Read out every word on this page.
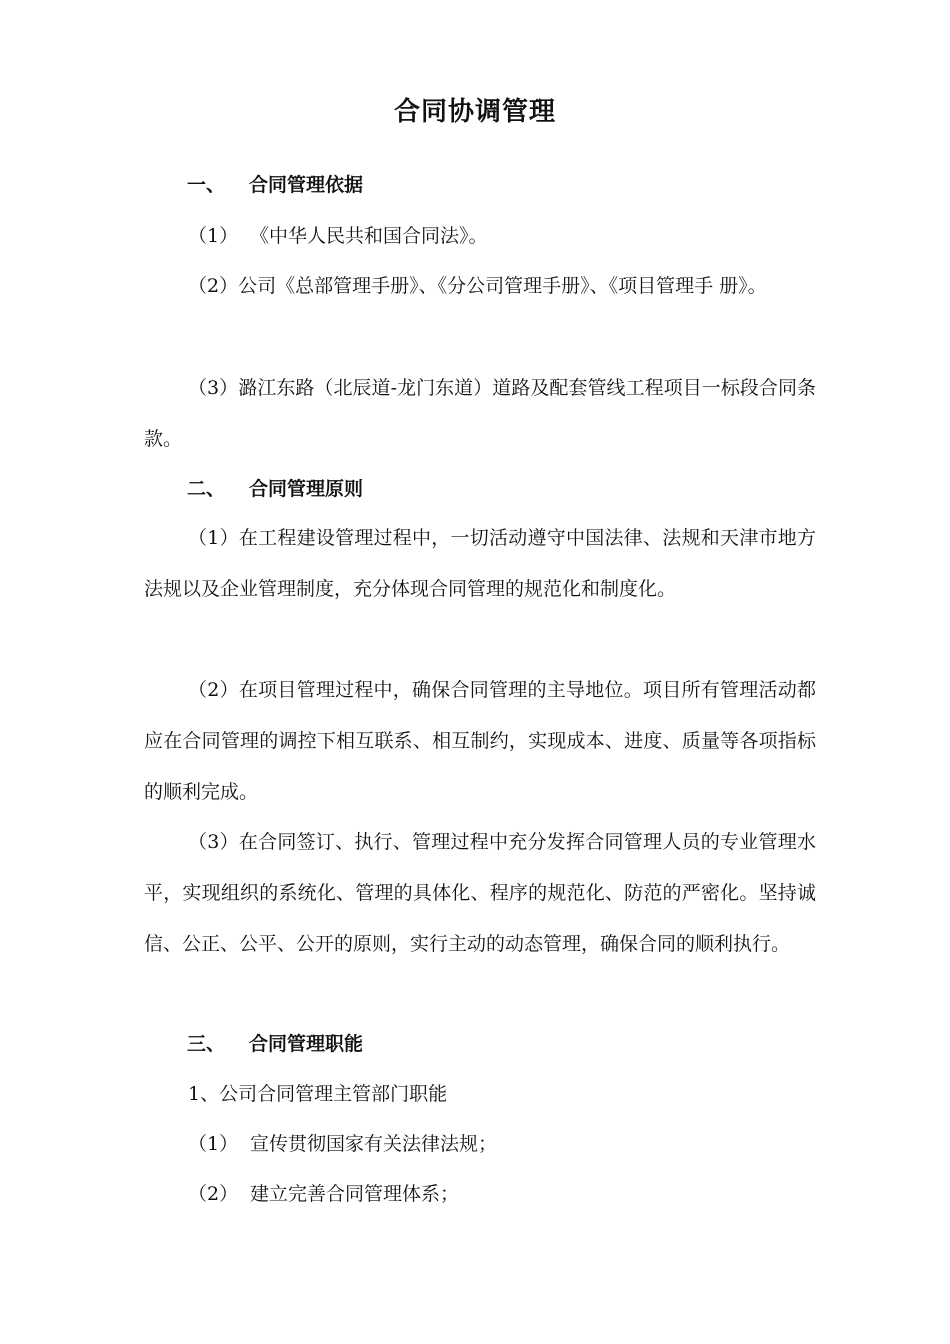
合同协调管理
一、 合同管理依据
（1） 《中华人民共和国合同法》。
（2）公司《总部管理手册》、《分公司管理手册》、《项目管理手 册》。
（3）潞江东路（北辰道-龙门东道）道路及配套管线工程项目一标段合同条款。
二、 合同管理原则
（1）在工程建设管理过程中，一切活动遵守中国法律、法规和天津市地方法规以及企业管理制度，充分体现合同管理的规范化和制度化。
（2）在项目管理过程中，确保合同管理的主导地位。项目所有管理活动都应在合同管理的调控下相互联系、相互制约，实现成本、进度、质量等各项指标的顺利完成。
（3）在合同签订、执行、管理过程中充分发挥合同管理人员的专业管理水平，实现组织的系统化、管理的具体化、程序的规范化、防范的严密化。坚持诚信、公正、公平、公开的原则，实行主动的动态管理，确保合同的顺利执行。
三、 合同管理职能
1、公司合同管理主管部门职能
（1） 宣传贯彻国家有关法律法规；
（2） 建立完善合同管理体系；
